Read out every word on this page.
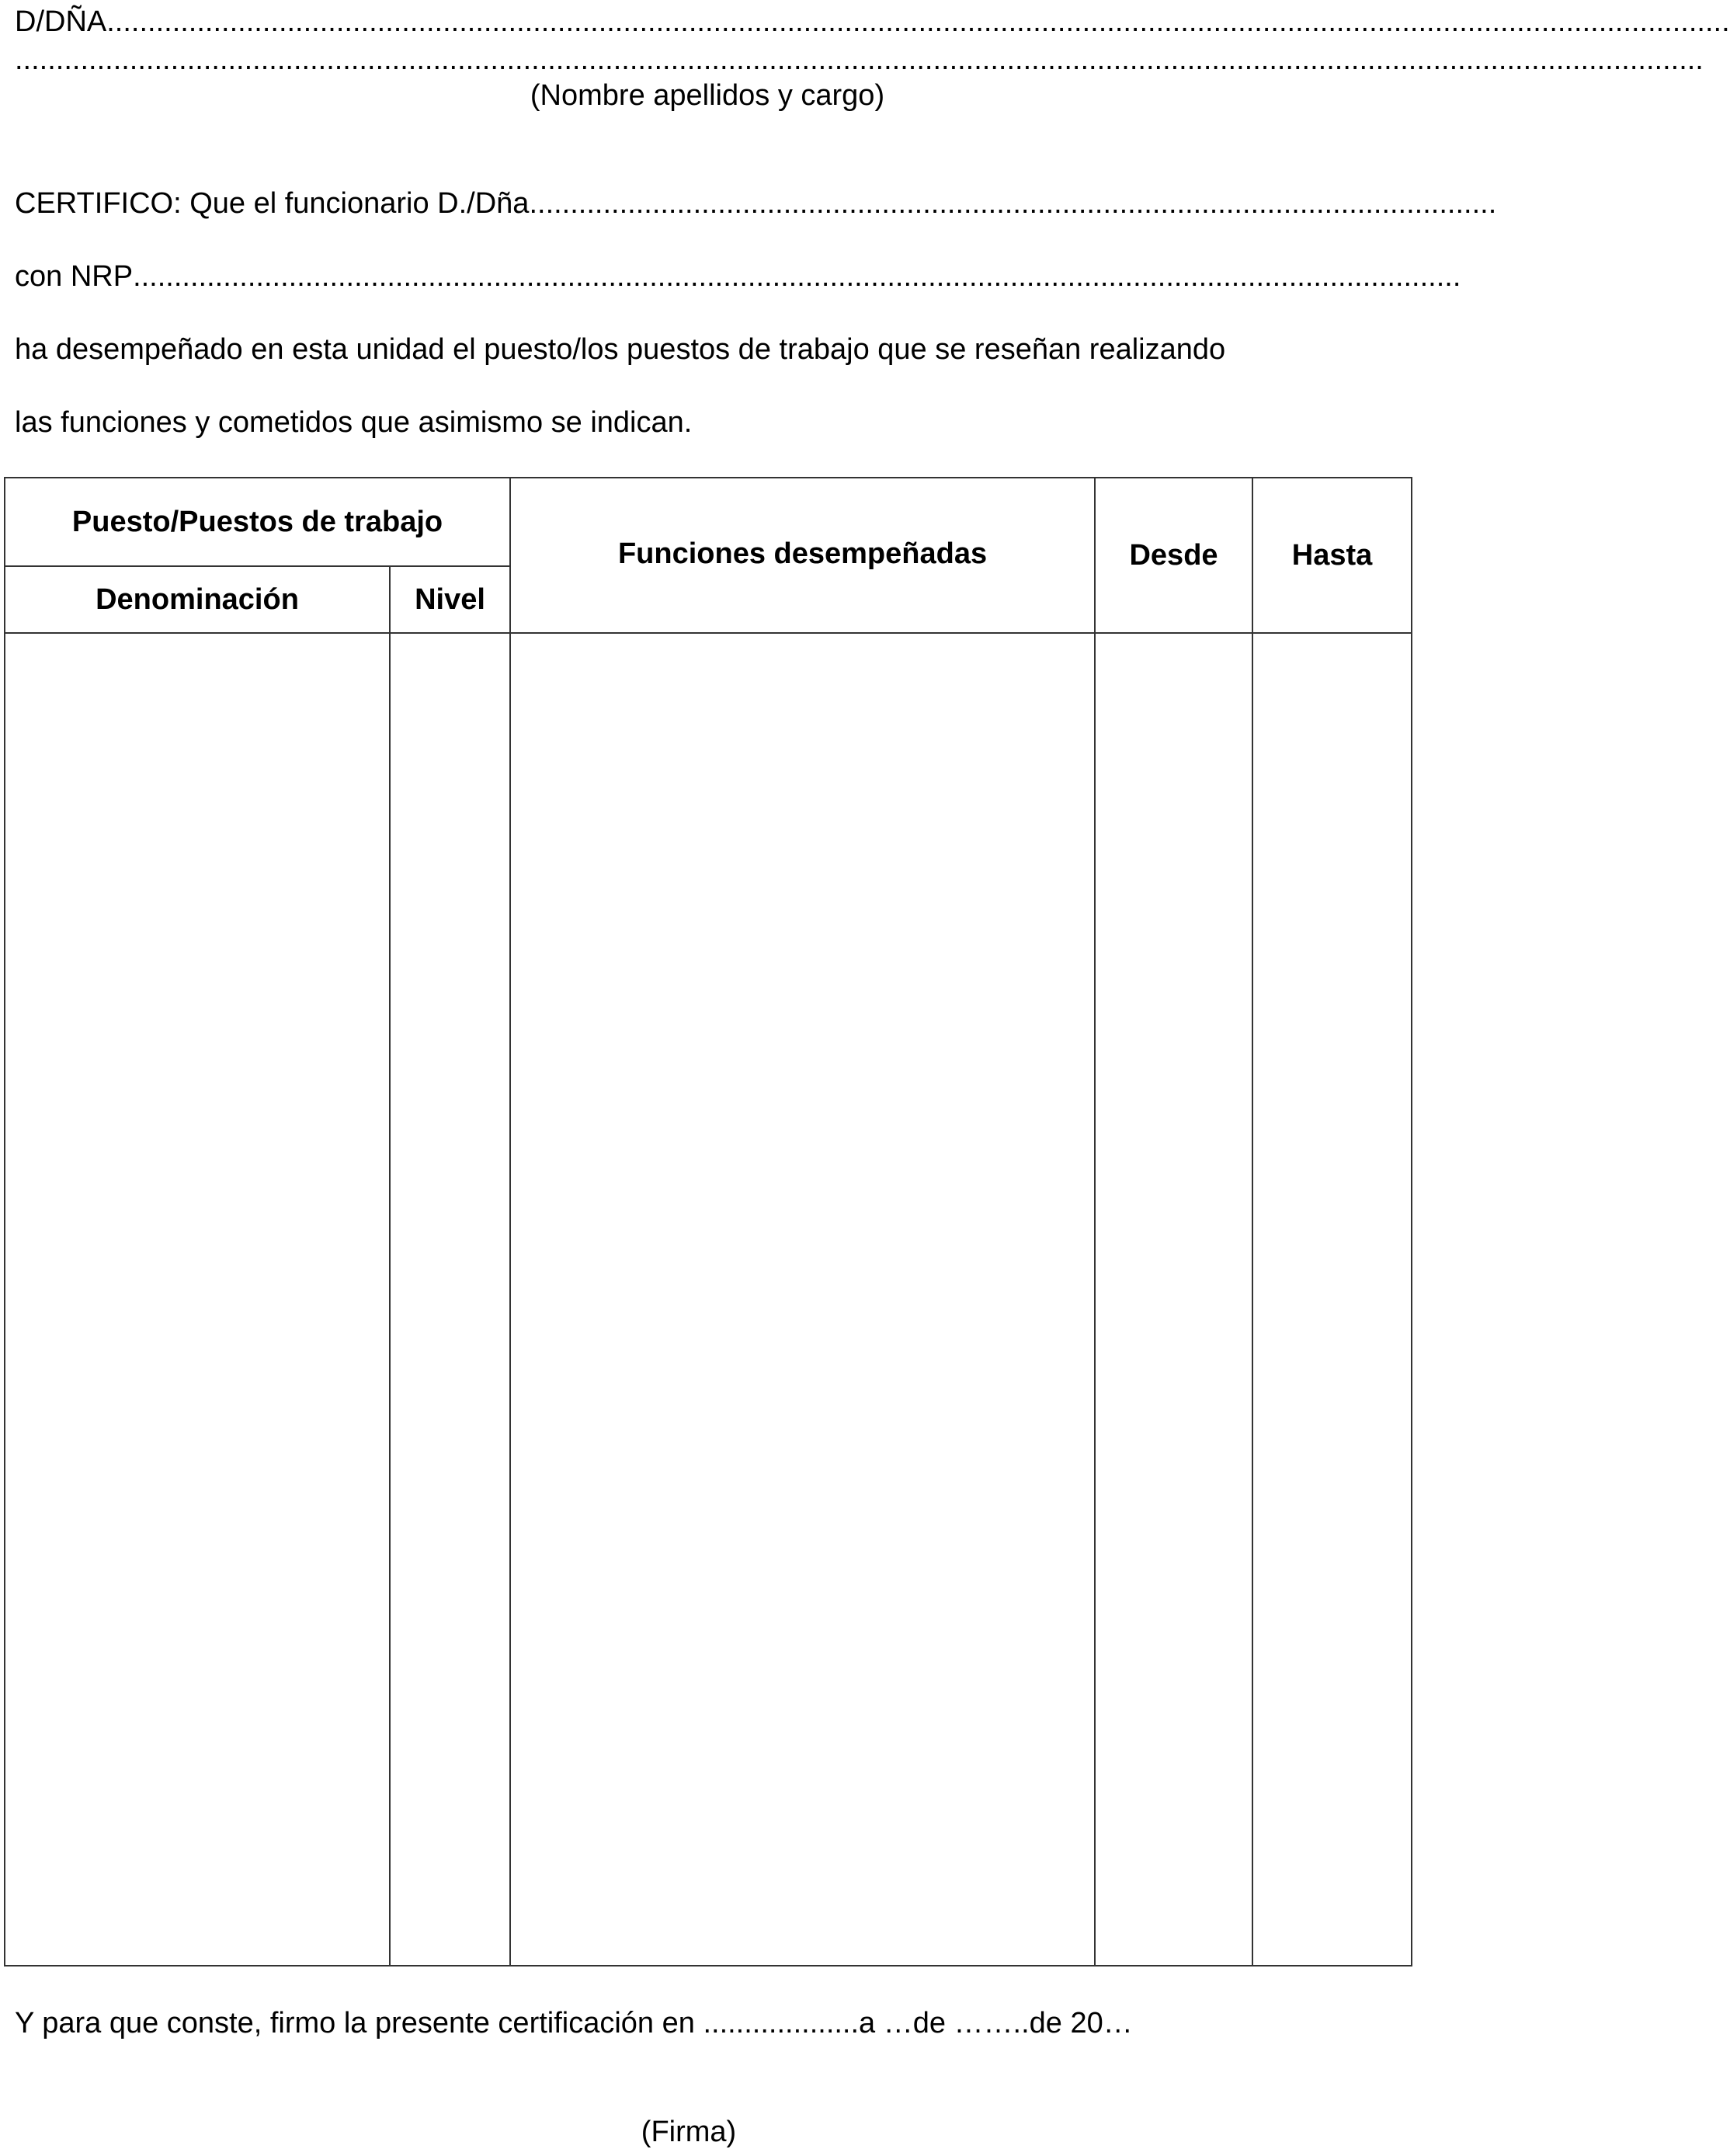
D/DÑA ......................................................................................................................................................................................................
..............................................................................................................................................................................................................
(Nombre apellidos y cargo)
CERTIFICO: Que el funcionario D./Dña ......................................................................................................................
con NRP ............................................... ...................................................................................................................
ha desempeñado en esta unidad el puesto/los puestos de trabajo que se reseñan realizando
las funciones y cometidos que asimismo se indican.
Puesto/Puestos de trabajo		Funciones desempeñadas	Desde	Hasta
Denominación	Nivel			

Y para que conste, firmo la presente certificación en ...................a …de ……..de 20…
(Firma)
